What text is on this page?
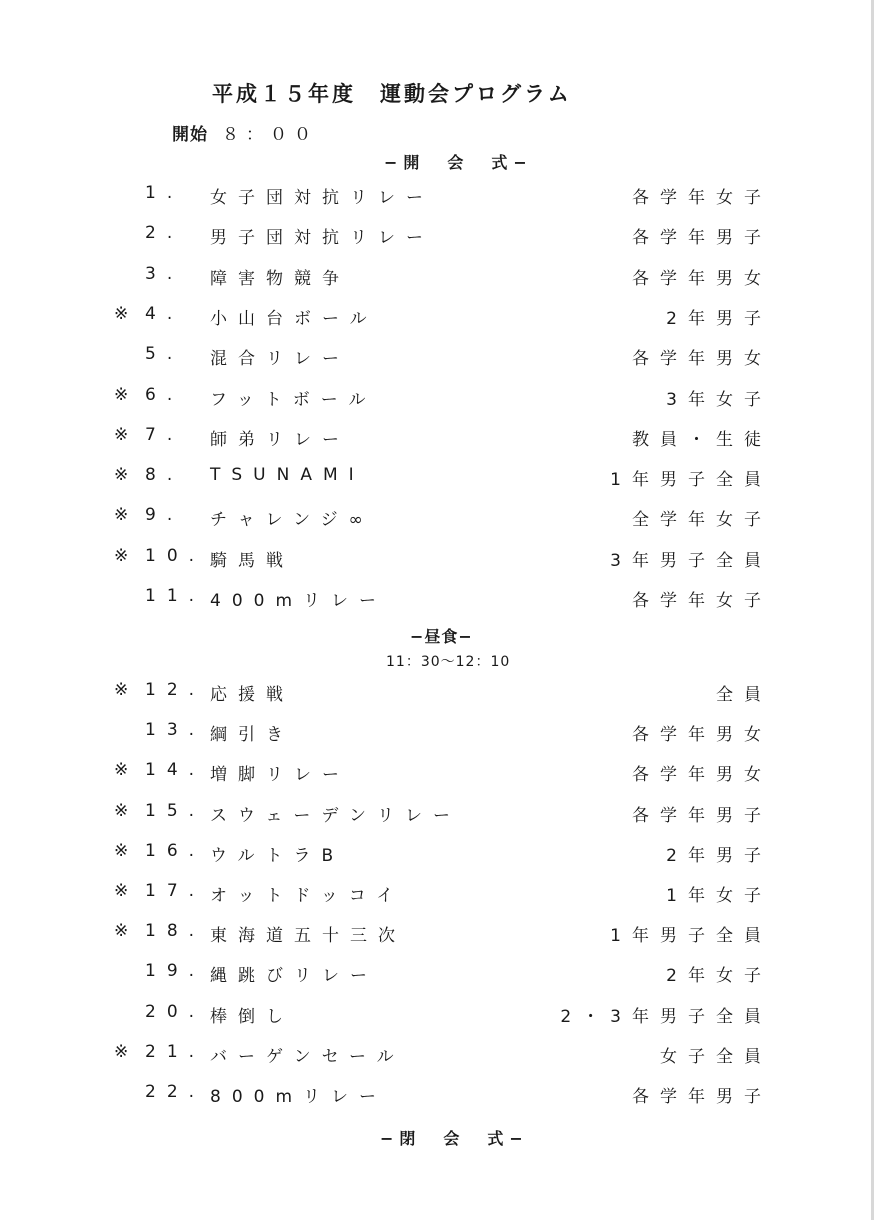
平成１５年度　運動会プログラム
開始 ８：００
−開　会　式−
1. 女子団対抗リレー	各学年女子
2. 男子団対抗リレー	各学年男子
3. 障害物競争	各学年男女
※ 4. 小山台ボール	2年男子
5. 混合リレー	各学年男女
※ 6. フットボール	3年女子
※ 7. 師弟リレー	教員・生徒
※ 8. TSUNAMI	1年男子全員
※ 9. チャレンジ∞	全学年女子
※ 10. 騎馬戦	3年男子全員
11. 400mリレー	各学年女子
−昼食−
11：30〜12：10
※ 12. 応援戦	全員
13. 綱引き	各学年男女
※ 14. 増脚リレー	各学年男女
※ 15. スウェーデンリレー	各学年男子
※ 16. ウルトラB	2年男子
※ 17. オットドッコイ	1年女子
※ 18. 東海道五十三次	1年男子全員
19. 縄跳びリレー	2年女子
20. 棒倒し	2・3年男子全員
※ 21. バーゲンセール	女子全員
22. 800mリレー	各学年男子
−閉　会　式−
